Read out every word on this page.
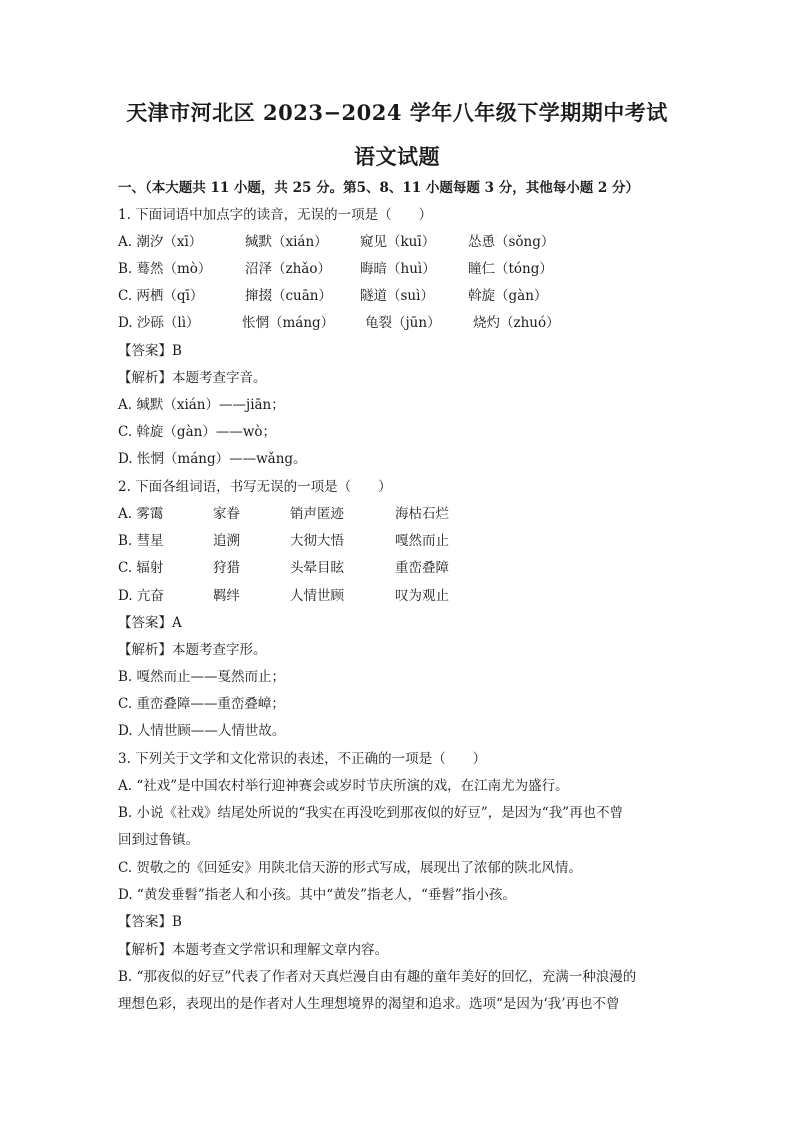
天津市河北区 2023−2024 学年八年级下学期期中考试
语文试题
一、（本大题共 11 小题，共 25 分。第5、8、11 小题每题 3 分，其他每小题 2 分）
1. 下面词语中加点字的读音，无误的一项是（　　）
A. 潮汐（xī）	缄默（xián） 窥见（kuī） 怂恿（sǒng）
B. 蓦然（mò） 沼泽（zhǎo） 晦暗（huì） 瞳仁（tóng）
C. 两栖（qī）	撺掇（cuān） 隧道（suì）	斡旋（gàn）
D. 沙砾（lì）	怅惘（máng） 龟裂（jūn） 烧灼（zhuó）
【答案】B
【解析】本题考查字音。
A. 缄默（xián）——jiān；
C. 斡旋（gàn）——wò；
D. 怅惘（máng）——wǎng。
2. 下面各组词语，书写无误的一项是（　　）
A. 雾霭	家眷	销声匿迹	海枯石烂
B. 彗星	追溯	大彻大悟	嘎然而止
C. 辐射	狩猎	头晕目眩	重峦叠障
D. 亢奋	羁绊	人情世顾	叹为观止
【答案】A
【解析】本题考查字形。
B. 嘎然而止——戛然而止；
C. 重峦叠障——重峦叠嶂；
D. 人情世顾——人情世故。
3. 下列关于文学和文化常识的表述，不正确的一项是（　　）
A. “社戏”是中国农村举行迎神赛会或岁时节庆所演的戏，在江南尤为盛行。
B. 小说《社戏》结尾处所说的“我实在再没吃到那夜似的好豆”，是因为“我”再也不曾
回到过鲁镇。
C. 贺敬之的《回延安》用陕北信天游的形式写成，展现出了浓郁的陕北风情。
D. “黄发垂髫”指老人和小孩。其中“黄发”指老人，“垂髫”指小孩。
【答案】B
【解析】本题考查文学常识和理解文章内容。
B. “那夜似的好豆”代表了作者对天真烂漫自由有趣的童年美好的回忆，充满一种浪漫的
理想色彩，表现出的是作者对人生理想境界的渴望和追求。选项“是因为‘我’再也不曾
